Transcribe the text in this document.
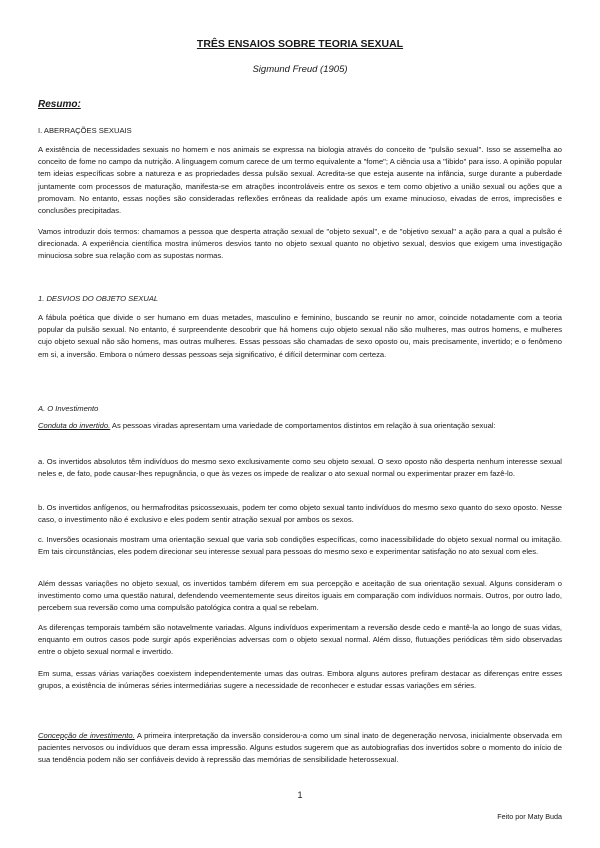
TRÊS ENSAIOS SOBRE TEORIA SEXUAL
Sigmund Freud (1905)
Resumo:
I. ABERRAÇÕES SEXUAIS

A existência de necessidades sexuais no homem e nos animais se expressa na biologia através do conceito de "pulsão sexual". Isso se assemelha ao conceito de fome no campo da nutrição. A linguagem comum carece de um termo equivalente a "fome"; A ciência usa a "libido" para isso. A opinião popular tem ideias específicas sobre a natureza e as propriedades dessa pulsão sexual. Acredita-se que esteja ausente na infância, surge durante a puberdade juntamente com processos de maturação, manifesta-se em atrações incontroláveis entre os sexos e tem como objetivo a união sexual ou ações que a promovam. No entanto, essas noções são consideradas reflexões errôneas da realidade após um exame minucioso, eivadas de erros, imprecisões e conclusões precipitadas.

Vamos introduzir dois termos: chamamos a pessoa que desperta atração sexual de "objeto sexual", e de "objetivo sexual" a ação para a qual a pulsão é direcionada. A experiência científica mostra inúmeros desvios tanto no objeto sexual quanto no objetivo sexual, desvios que exigem uma investigação minuciosa sobre sua relação com as supostas normas.

1. DESVIOS DO OBJETO SEXUAL

A fábula poética que divide o ser humano em duas metades, masculino e feminino, buscando se reunir no amor, coincide notadamente com a teoria popular da pulsão sexual. No entanto, é surpreendente descobrir que há homens cujo objeto sexual não são mulheres, mas outros homens, e mulheres cujo objeto sexual não são homens, mas outras mulheres. Essas pessoas são chamadas de sexo oposto ou, mais precisamente, invertido; e o fenômeno em si, a inversão. Embora o número dessas pessoas seja significativo, é difícil determinar com certeza.

A. O Investimento

Conduta do invertido. As pessoas viradas apresentam uma variedade de comportamentos distintos em relação à sua orientação sexual:

a. Os invertidos absolutos têm indivíduos do mesmo sexo exclusivamente como seu objeto sexual. O sexo oposto não desperta nenhum interesse sexual neles e, de fato, pode causar-lhes repugnância, o que às vezes os impede de realizar o ato sexual normal ou experimentar prazer em fazê-lo.

b. Os invertidos anfígenos, ou hermafroditas psicossexuais, podem ter como objeto sexual tanto indivíduos do mesmo sexo quanto do sexo oposto. Nesse caso, o investimento não é exclusivo e eles podem sentir atração sexual por ambos os sexos.

c. Inversões ocasionais mostram uma orientação sexual que varia sob condições específicas, como inacessibilidade do objeto sexual normal ou imitação. Em tais circunstâncias, eles podem direcionar seu interesse sexual para pessoas do mesmo sexo e experimentar satisfação no ato sexual com eles.

Além dessas variações no objeto sexual, os invertidos também diferem em sua percepção e aceitação de sua orientação sexual. Alguns consideram o investimento como uma questão natural, defendendo veementemente seus direitos iguais em comparação com indivíduos normais. Outros, por outro lado, percebem sua reversão como uma compulsão patológica contra a qual se rebelam.

As diferenças temporais também são notavelmente variadas. Alguns indivíduos experimentam a reversão desde cedo e mantê-la ao longo de suas vidas, enquanto em outros casos pode surgir após experiências adversas com o objeto sexual normal. Além disso, flutuações periódicas têm sido observadas entre o objeto sexual normal e invertido.

Em suma, essas várias variações coexistem independentemente umas das outras. Embora alguns autores prefiram destacar as diferenças entre esses grupos, a existência de inúmeras séries intermediárias sugere a necessidade de reconhecer e estudar essas variações em séries.

Concepção de investimento. A primeira interpretação da inversão considerou-a como um sinal inato de degeneração nervosa, inicialmente observada em pacientes nervosos ou indivíduos que deram essa impressão. Alguns estudos sugerem que as autobiografias dos invertidos sobre o momento do início de sua tendência podem não ser confiáveis devido à repressão das memórias de sensibilidade heterossexual.

1
Feito por Maty Buda
